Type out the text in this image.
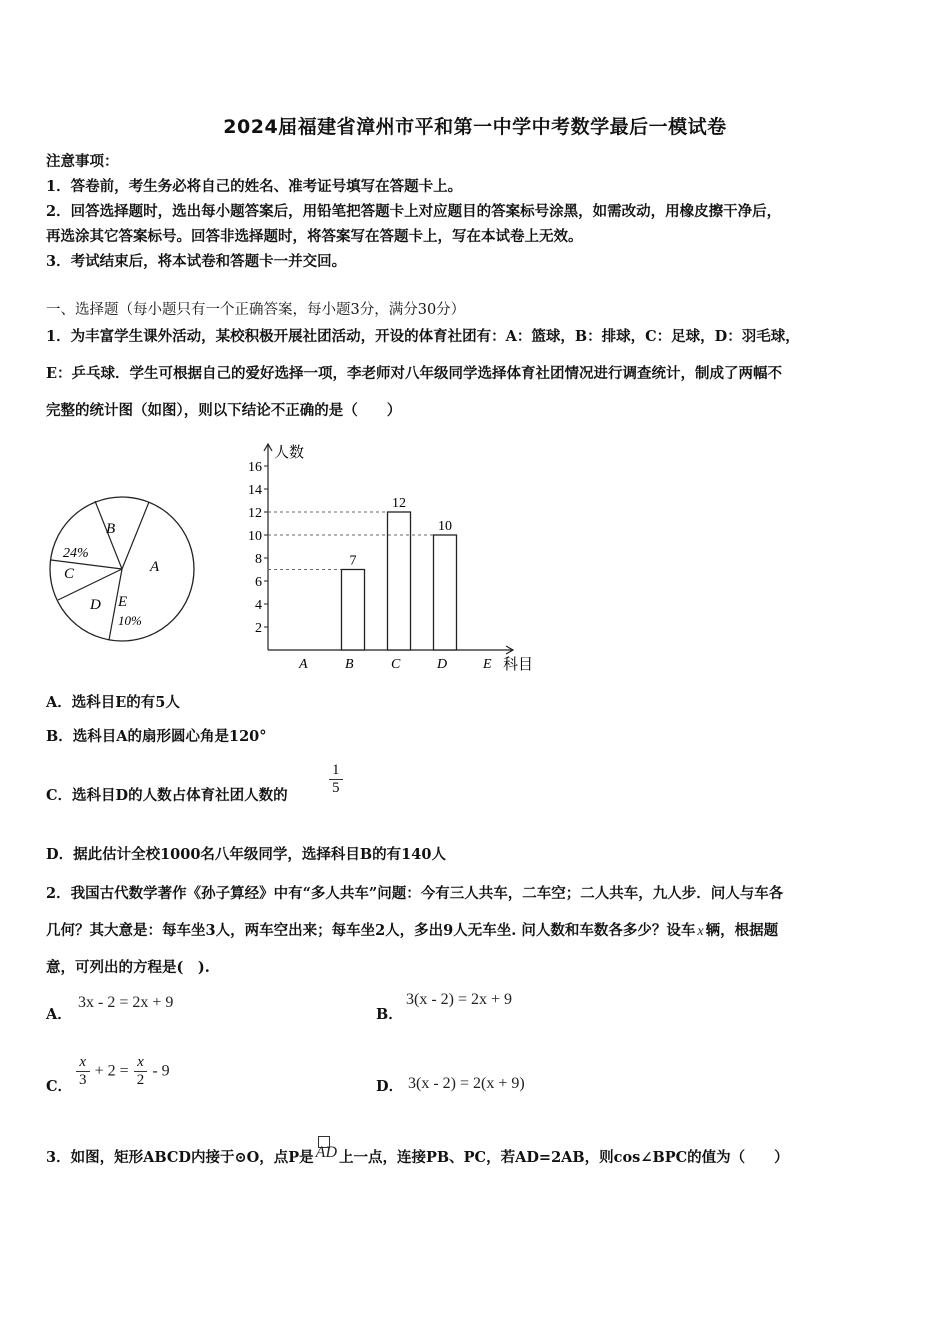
2024届福建省漳州市平和第一中学中考数学最后一模试卷
注意事项：
1．答卷前，考生务必将自己的姓名、准考证号填写在答题卡上。
2．回答选择题时，选出每小题答案后，用铅笔把答题卡上对应题目的答案标号涂黑，如需改动，用橡皮擦干净后，
再选涂其它答案标号。回答非选择题时，将答案写在答题卡上，写在本试卷上无效。
3．考试结束后，将本试卷和答题卡一并交回。
一、选择题（每小题只有一个正确答案，每小题3分，满分30分）
1．为丰富学生课外活动，某校积极开展社团活动，开设的体育社团有：A：篮球，B：排球，C：足球，D：羽毛球，
E：乒乓球．学生可根据自己的爱好选择一项，李老师对八年级同学选择体育社团情况进行调查统计，制成了两幅不
完整的统计图（如图），则以下结论不正确的是（　　）
B
24%
C	A
D E
10%
2
4
6
8
10
12
14
16
人数
科目
A	B
7
C
12
D
10
E
A．选科目E的有5人
B．选科目A的扇形圆心角是120°
C．选科目D的人数占体育社团人数的	$\frac{1}{5}$
D．据此估计全校1000名八年级同学，选择科目B的有140人
2．我国古代数学著作《孙子算经》中有“多人共车”问题：今有三人共车，二车空；二人共车，九人步．问人与车各
几何？其大意是：每车坐3人，两车空出来；每车坐2人，多出9人无车坐. 问人数和车数各多少？设车 x 辆，根据题
意，可列出的方程是(　).
A．
3x - 2 = 2x + 9
B．
3(x - 2) = 2x + 9
C． $\frac{x}{3} + 2 = \frac{x}{2} - 9$
D． 3(x - 2) = 2(x + 9)
3．如图，矩形ABCD内接于⊙O，点P是 AD 上一点，连接PB、PC，若AD=2AB，则cos∠BPC的值为（　　）
